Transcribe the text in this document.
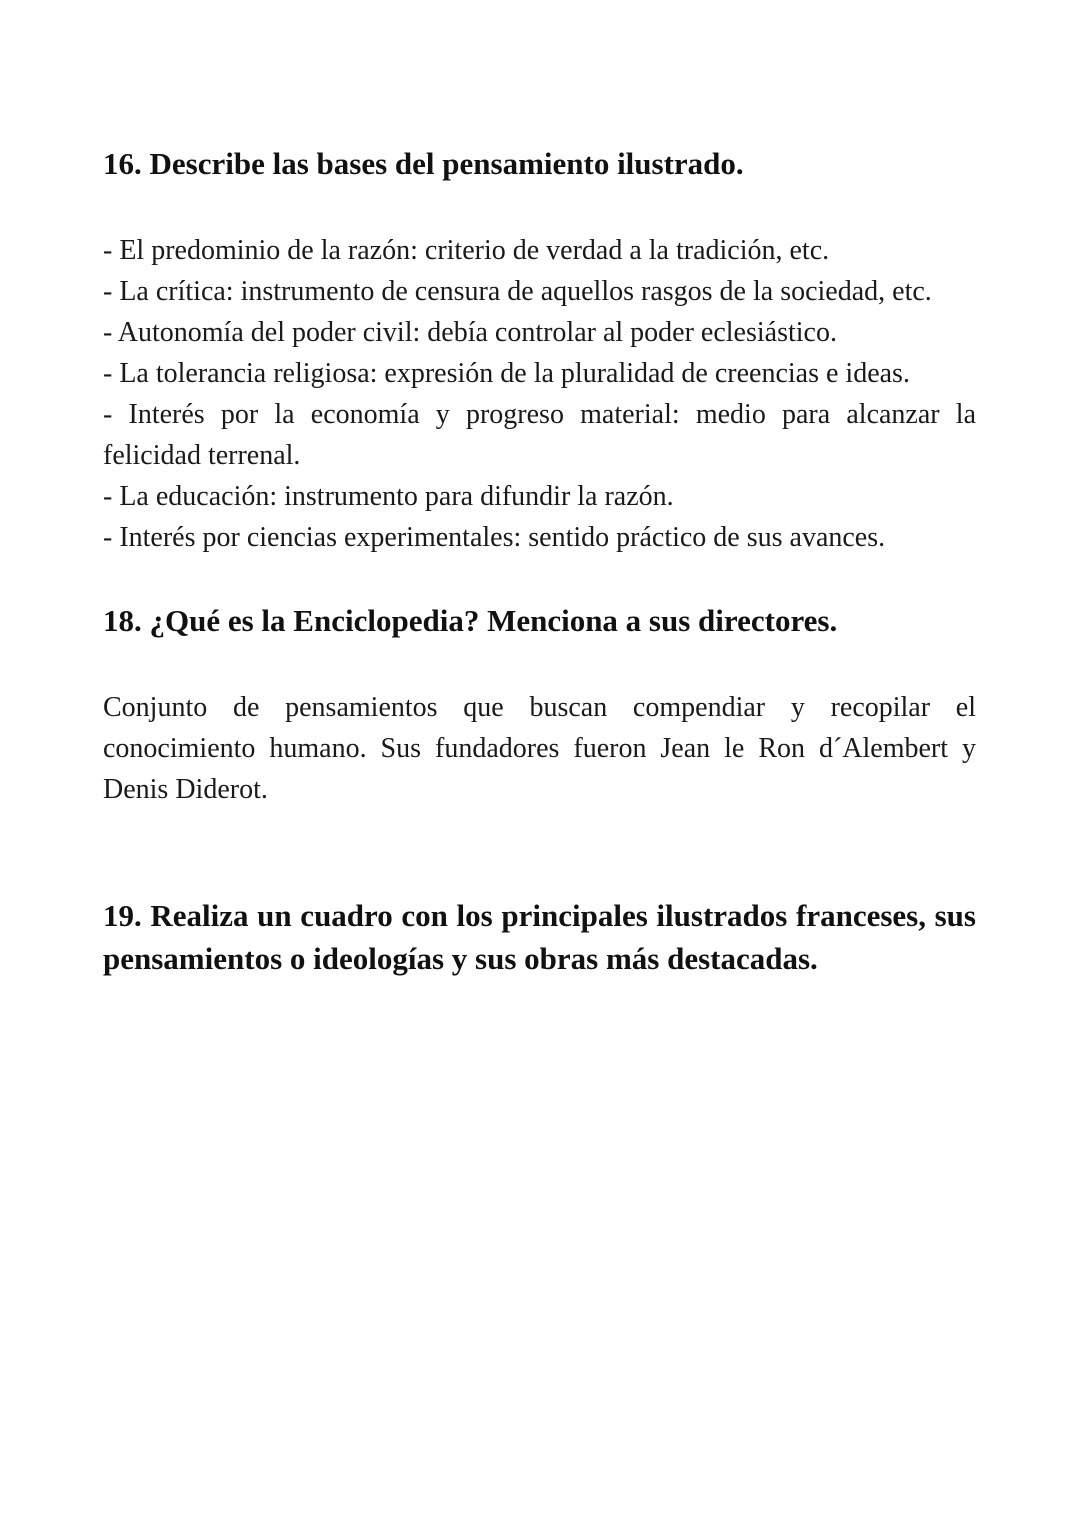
16. Describe las bases del pensamiento ilustrado.
- El predominio de la razón: criterio de verdad a la tradición, etc.
- La crítica: instrumento de censura de aquellos rasgos de la sociedad, etc.
- Autonomía del poder civil: debía controlar al poder eclesiástico.
- La tolerancia religiosa: expresión de la pluralidad de creencias e ideas.
- Interés por la economía y progreso material: medio para alcanzar la felicidad terrenal.
- La educación: instrumento para difundir la razón.
- Interés por ciencias experimentales: sentido práctico de sus avances.
18. ¿Qué es la Enciclopedia? Menciona a sus directores.

Conjunto de pensamientos que buscan compendiar y recopilar el conocimiento humano. Sus fundadores fueron Jean le Ron d´Alembert y Denis Diderot.

19. Realiza un cuadro con los principales ilustrados franceses, sus pensamientos o ideologías y sus obras más destacadas.
